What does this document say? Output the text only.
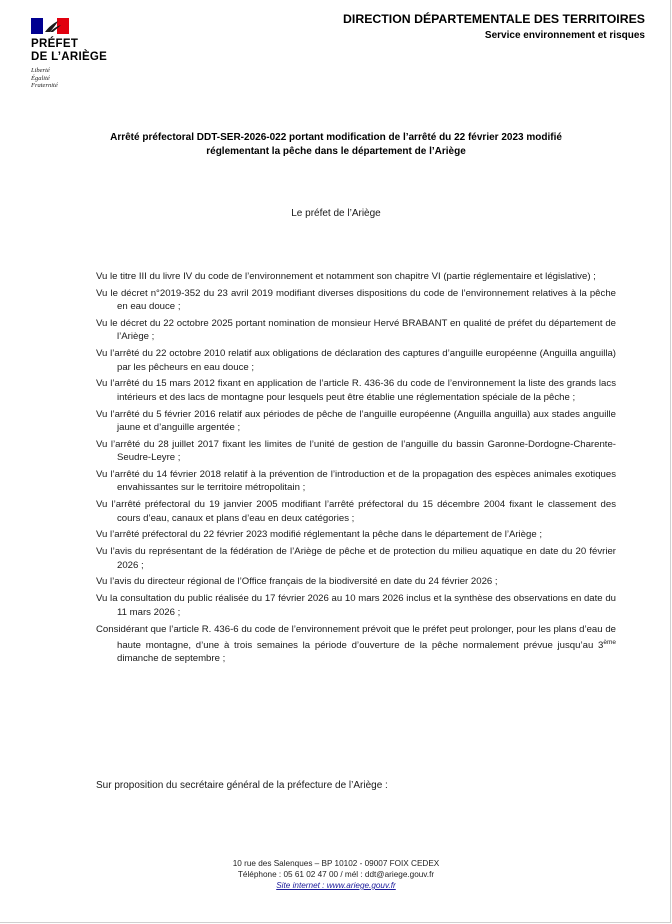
PRÉFET
DE L’ARIÈGE
Liberté
Égalité
Fraternité
DIRECTION DÉPARTEMENTALE DES TERRITOIRES
Service environnement et risques
Arrêté préfectoral DDT-SER-2026-022 portant modification de l’arrêté du 22 février 2023 modifié
réglementant la pêche dans le département de l’Ariège
Le préfet de l’Ariège

Vu le titre III du livre IV du code de l’environnement et notamment son chapitre VI (partie réglementaire et législative) ;

Vu le décret n°2019-352 du 23 avril 2019 modifiant diverses dispositions du code de l’environnement relatives à la pêche en eau douce ;

Vu le décret du 22 octobre 2025 portant nomination de monsieur Hervé BRABANT en qualité de préfet du département de l’Ariège ;

Vu l’arrêté du 22 octobre 2010 relatif aux obligations de déclaration des captures d’anguille européenne (Anguilla anguilla) par les pêcheurs en eau douce ;

Vu l’arrêté du 15 mars 2012 fixant en application de l’article R. 436-36 du code de l’environnement la liste des grands lacs intérieurs et des lacs de montagne pour lesquels peut être établie une réglementation spéciale de la pêche ;

Vu l’arrêté du 5 février 2016 relatif aux périodes de pêche de l’anguille européenne (Anguilla anguilla) aux stades anguille jaune et d’anguille argentée ;

Vu l’arrêté du 28 juillet 2017 fixant les limites de l’unité de gestion de l’anguille du bassin Garonne-Dordogne-Charente-Seudre-Leyre ;

Vu l’arrêté du 14 février 2018 relatif à la prévention de l’introduction et de la propagation des espèces animales exotiques envahissantes sur le territoire métropolitain ;

Vu l’arrêté préfectoral du 19 janvier 2005 modifiant l’arrêté préfectoral du 15 décembre 2004 fixant le classement des cours d’eau, canaux et plans d’eau en deux catégories ;

Vu l’arrêté préfectoral du 22 février 2023 modifié réglementant la pêche dans le département de l’Ariège ;

Vu l’avis du représentant de la fédération de l’Ariège de pêche et de protection du milieu aquatique en date du 20 février 2026 ;

Vu l’avis du directeur régional de l’Office français de la biodiversité en date du 24 février 2026 ;

Vu la consultation du public réalisée du 17 février 2026 au 10 mars 2026 inclus et la synthèse des observations en date du 11 mars 2026 ;

Considérant que l’article R. 436-6 du code de l’environnement prévoit que le préfet peut prolonger, pour les plans d’eau de haute montagne, d’une à trois semaines la période d’ouverture de la pêche normalement prévue jusqu’au 3ème dimanche de septembre ;

Sur proposition du secrétaire général de la préfecture de l’Ariège :
10 rue des Salenques – BP 10102 - 09007 FOIX CEDEX
Téléphone : 05 61 02 47 00 / mél : ddt@ariege.gouv.fr
Site internet : www.ariege.gouv.fr
